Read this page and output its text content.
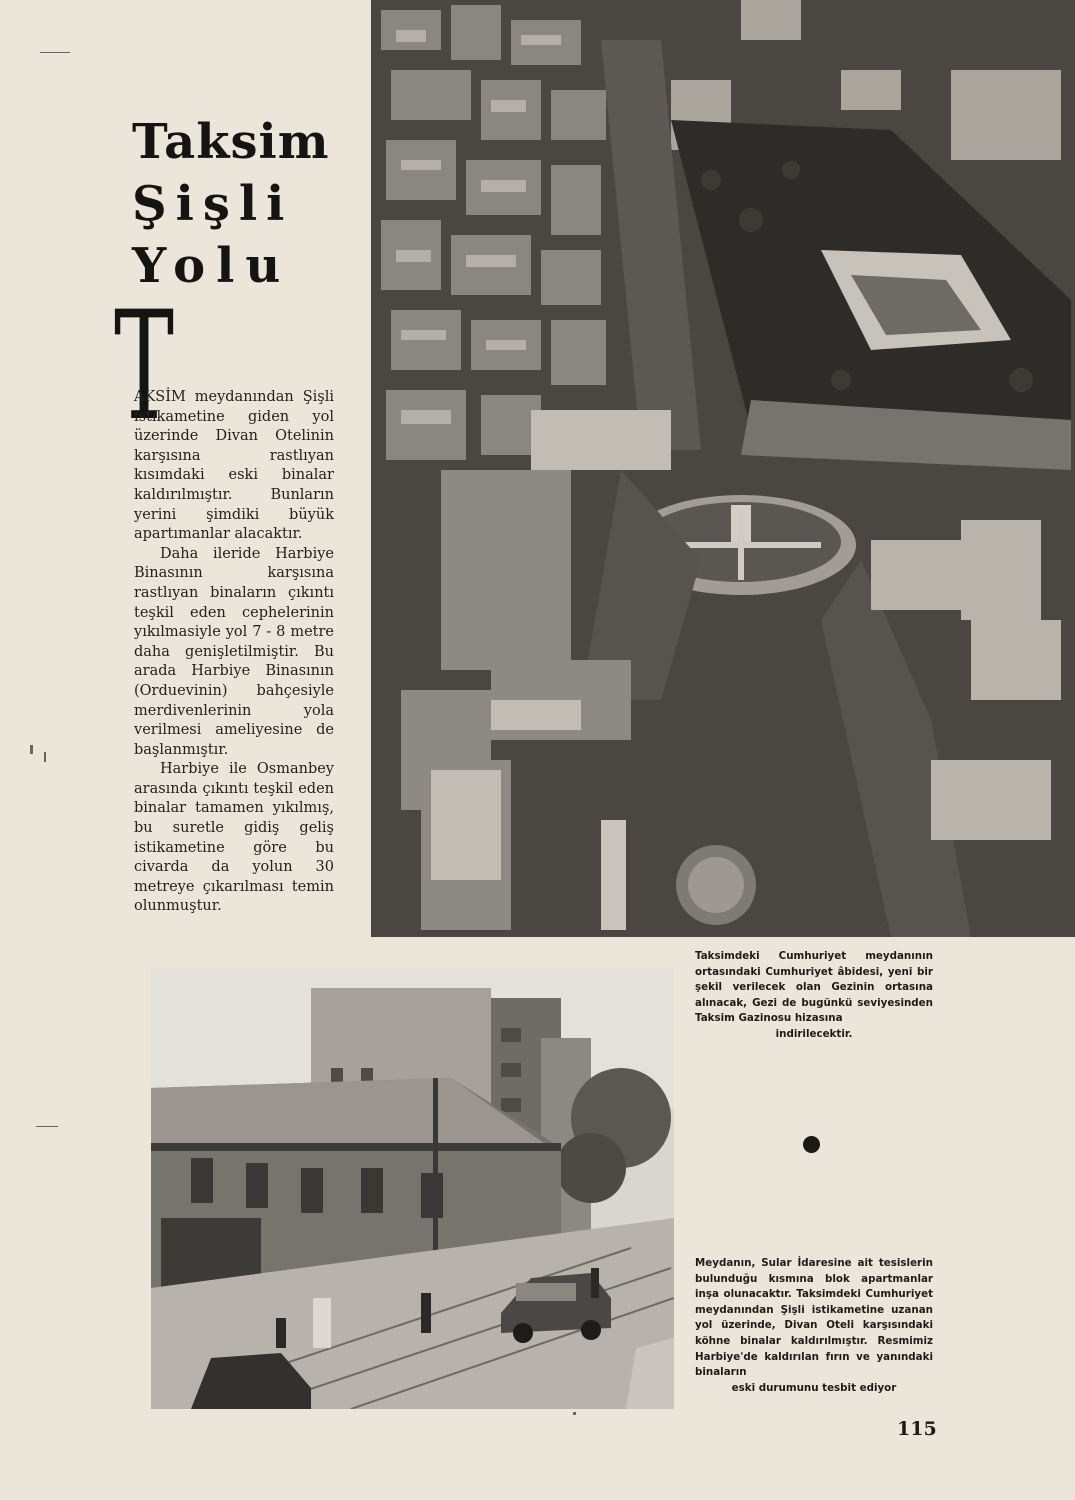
Taksim
Şişli
Yolu
T

AKSİM meydanından Şişli istikametine giden yol üzerinde Divan Otelinin karşısına rastlıyan kısımdaki eski binalar kaldırılmıştır. Bunların yerini şimdiki büyük apartımanlar alacaktır.

Daha ileride Harbiye Binasının karşısına rastlıyan binaların çıkıntı teşkil eden cephelerinin yıkılmasiyle yol 7 - 8 metre daha genişletilmiştir. Bu arada Harbiye Binasının (Orduevinin) bahçesiyle merdivenlerinin yola verilmesi ameliyesine de başlanmıştır.

Harbiye ile Osmanbey arasında çıkıntı teşkil eden binalar tamamen yıkılmış, bu suretle gidiş geliş istikametine göre bu civarda da yolun 30 metreye çıkarılması temin olunmuştur.

Taksimdeki Cumhuriyet meydanının ortasındaki Cumhuriyet âbidesi, yeni bir şekil verilecek olan Gezinin ortasına alınacak, Gezi de bugünkü seviyesinden Taksim Gazinosu hizasına
indirilecektir.
Meydanın, Sular İdaresine ait tesislerin bulunduğu kısmına blok apartmanlar inşa olunacaktır. Taksimdeki Cumhuriyet meydanından Şişli istikametine uzanan yol üzerinde, Divan Oteli karşısındaki köhne binalar kaldırılmıştır. Resmimiz Harbiye'de kaldırılan fırın ve yanındaki binaların
eski durumunu tesbit ediyor
115
